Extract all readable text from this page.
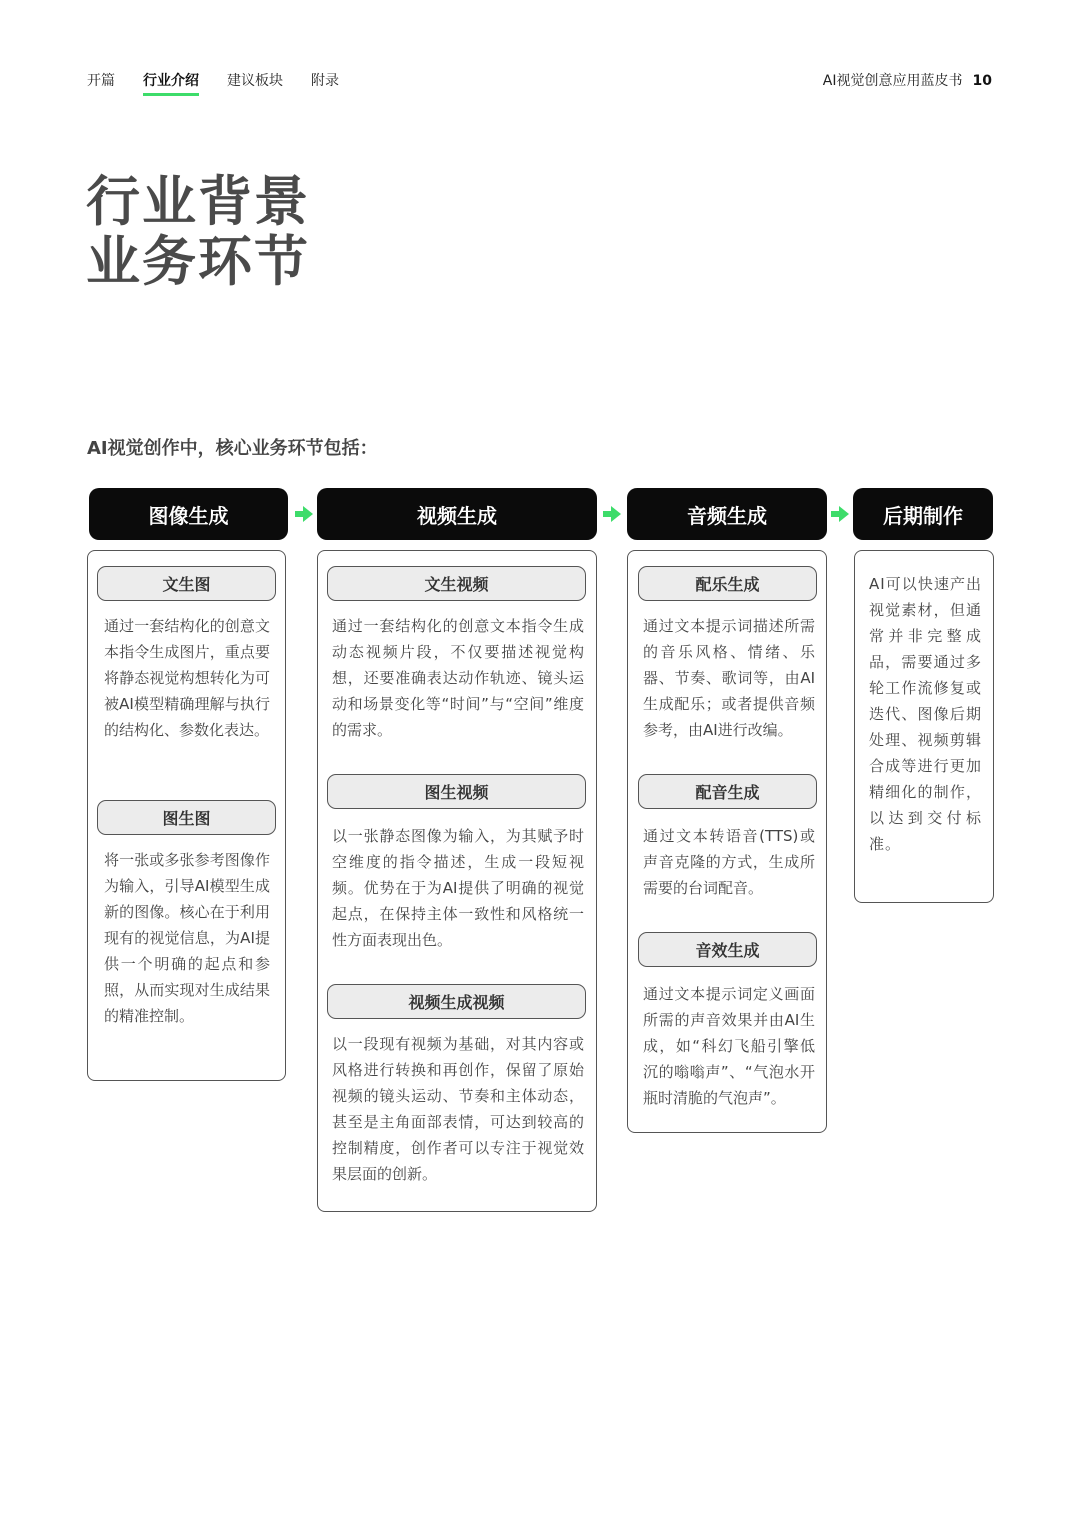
开篇 行业介绍 建议板块 附录	AI视觉创意应用蓝皮书 10
行业背景
业务环节
AI视觉创作中，核心业务环节包括：
图像生成	视频生成	音频生成	后期制作
文生图
通过一套结构化的创意文本指令生成图片，重点要将静态视觉构想转化为可被AI模型精确理解与执行的结构化、参数化表达。
图生图
将一张或多张参考图像作为输入，引导AI模型生成新的图像。核心在于利用现有的视觉信息，为AI提供一个明确的起点和参照，从而实现对生成结果的精准控制。
文生视频
通过一套结构化的创意文本指令生成动态视频片段，不仅要描述视觉构想，还要准确表达动作轨迹、镜头运动和场景变化等“时间”与“空间”维度的需求。
图生视频
以一张静态图像为输入，为其赋予时空维度的指令描述，生成一段短视频。优势在于为AI提供了明确的视觉起点，在保持主体一致性和风格统一性方面表现出色。
视频生成视频
以一段现有视频为基础，对其内容或风格进行转换和再创作，保留了原始视频的镜头运动、节奏和主体动态，甚至是主角面部表情，可达到较高的控制精度，创作者可以专注于视觉效果层面的创新。
配乐生成
通过文本提示词描述所需的音乐风格、情绪、乐器、节奏、歌词等，由AI生成配乐；或者提供音频参考，由AI进行改编。
配音生成
通过文本转语音(TTS)或声音克隆的方式，生成所需要的台词配音。
音效生成
通过文本提示词定义画面所需的声音效果并由AI生成，如“科幻飞船引擎低沉的嗡嗡声”、“气泡水开瓶时清脆的气泡声”。
AI可以快速产出视觉素材，但通常并非完整成品，需要通过多轮工作流修复或迭代、图像后期处理、视频剪辑合成等进行更加精细化的制作，以达到交付标准。
